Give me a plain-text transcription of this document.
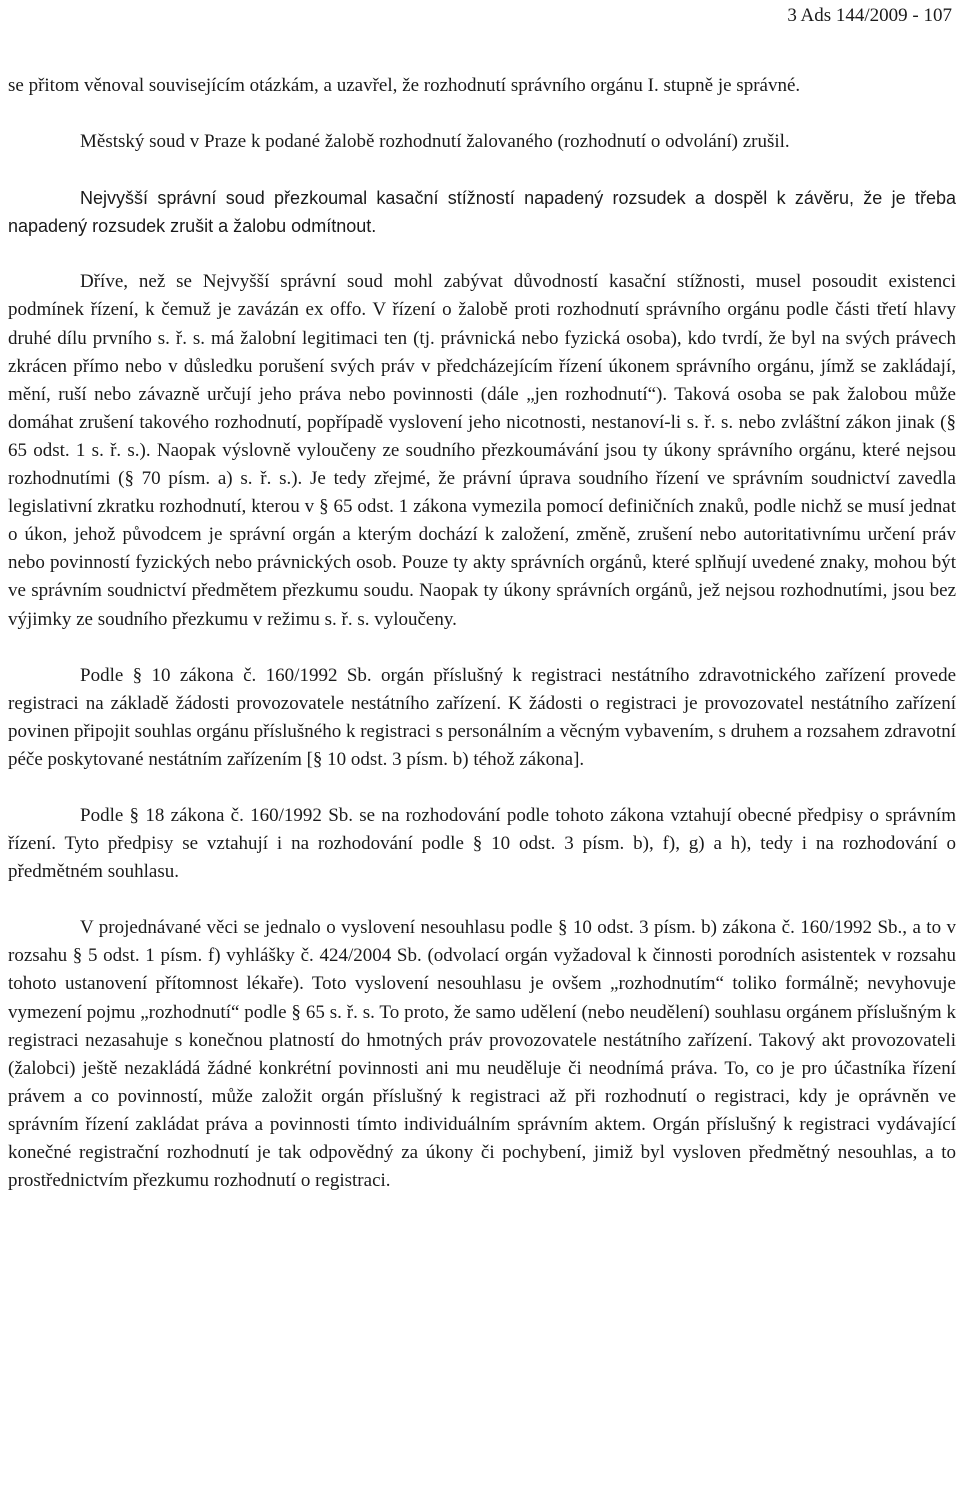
3 Ads 144/2009 - 107

se přitom věnoval souvisejícím otázkám, a uzavřel, že rozhodnutí správního orgánu I. stupně je správné.

Městský soud v Praze k podané žalobě rozhodnutí žalovaného (rozhodnutí o odvolání) zrušil.

Nejvyšší správní soud přezkoumal kasační stížností napadený rozsudek a dospěl k závěru, že je třeba napadený rozsudek zrušit a žalobu odmítnout.

Dříve, než se Nejvyšší správní soud mohl zabývat důvodností kasační stížnosti, musel posoudit existenci podmínek řízení, k čemuž je zavázán ex offo. V řízení o žalobě proti rozhodnutí správního orgánu podle části třetí hlavy druhé dílu prvního s. ř. s. má žalobní legitimaci ten (tj. právnická nebo fyzická osoba), kdo tvrdí, že byl na svých právech zkrácen přímo nebo v důsledku porušení svých práv v předcházejícím řízení úkonem správního orgánu, jímž se zakládají, mění, ruší nebo závazně určují jeho práva nebo povinnosti (dále „jen rozhodnutí“). Taková osoba se pak žalobou může domáhat zrušení takového rozhodnutí, popřípadě vyslovení jeho nicotnosti, nestanoví-li s. ř. s. nebo zvláštní zákon jinak (§ 65 odst. 1 s. ř. s.). Naopak výslovně vyloučeny ze soudního přezkoumávání jsou ty úkony správního orgánu, které nejsou rozhodnutími (§ 70 písm. a) s. ř. s.). Je tedy zřejmé, že právní úprava soudního řízení ve správním soudnictví zavedla legislativní zkratku rozhodnutí, kterou v § 65 odst. 1 zákona vymezila pomocí definičních znaků, podle nichž se musí jednat o úkon, jehož původcem je správní orgán a kterým dochází k založení, změně, zrušení nebo autoritativnímu určení práv nebo povinností fyzických nebo právnických osob. Pouze ty akty správních orgánů, které splňují uvedené znaky, mohou být ve správním soudnictví předmětem přezkumu soudu. Naopak ty úkony správních orgánů, jež nejsou rozhodnutími, jsou bez výjimky ze soudního přezkumu v režimu s. ř. s. vyloučeny.

Podle § 10 zákona č. 160/1992 Sb. orgán příslušný k registraci nestátního zdravotnického zařízení provede registraci na základě žádosti provozovatele nestátního zařízení. K žádosti o registraci je provozovatel nestátního zařízení povinen připojit souhlas orgánu příslušného k registraci s personálním a věcným vybavením, s druhem a rozsahem zdravotní péče poskytované nestátním zařízením [§ 10 odst. 3 písm. b) téhož zákona].

Podle § 18 zákona č. 160/1992 Sb. se na rozhodování podle tohoto zákona vztahují obecné předpisy o správním řízení. Tyto předpisy se vztahují i na rozhodování podle § 10 odst. 3 písm. b), f), g) a h), tedy i na rozhodování o předmětném souhlasu.

V projednávané věci se jednalo o vyslovení nesouhlasu podle § 10 odst. 3 písm. b) zákona č. 160/1992 Sb., a to v rozsahu § 5 odst. 1 písm. f) vyhlášky č. 424/2004 Sb. (odvolací orgán vyžadoval k činnosti porodních asistentek v rozsahu tohoto ustanovení přítomnost lékaře). Toto vyslovení nesouhlasu je ovšem „rozhodnutím“ toliko formálně; nevyhovuje vymezení pojmu „rozhodnutí“ podle § 65 s. ř. s. To proto, že samo udělení (nebo neudělení) souhlasu orgánem příslušným k registraci nezasahuje s konečnou platností do hmotných práv provozovatele nestátního zařízení. Takový akt provozovateli (žalobci) ještě nezakládá žádné konkrétní povinnosti ani mu neuděluje či neodnímá práva. To, co je pro účastníka řízení právem a co povinností, může založit orgán příslušný k registraci až při rozhodnutí o registraci, kdy je oprávněn ve správním řízení zakládat práva a povinnosti tímto individuálním správním aktem. Orgán příslušný k registraci vydávající konečné registrační rozhodnutí je tak odpovědný za úkony či pochybení, jimiž byl vysloven předmětný nesouhlas, a to prostřednictvím přezkumu rozhodnutí o registraci.
